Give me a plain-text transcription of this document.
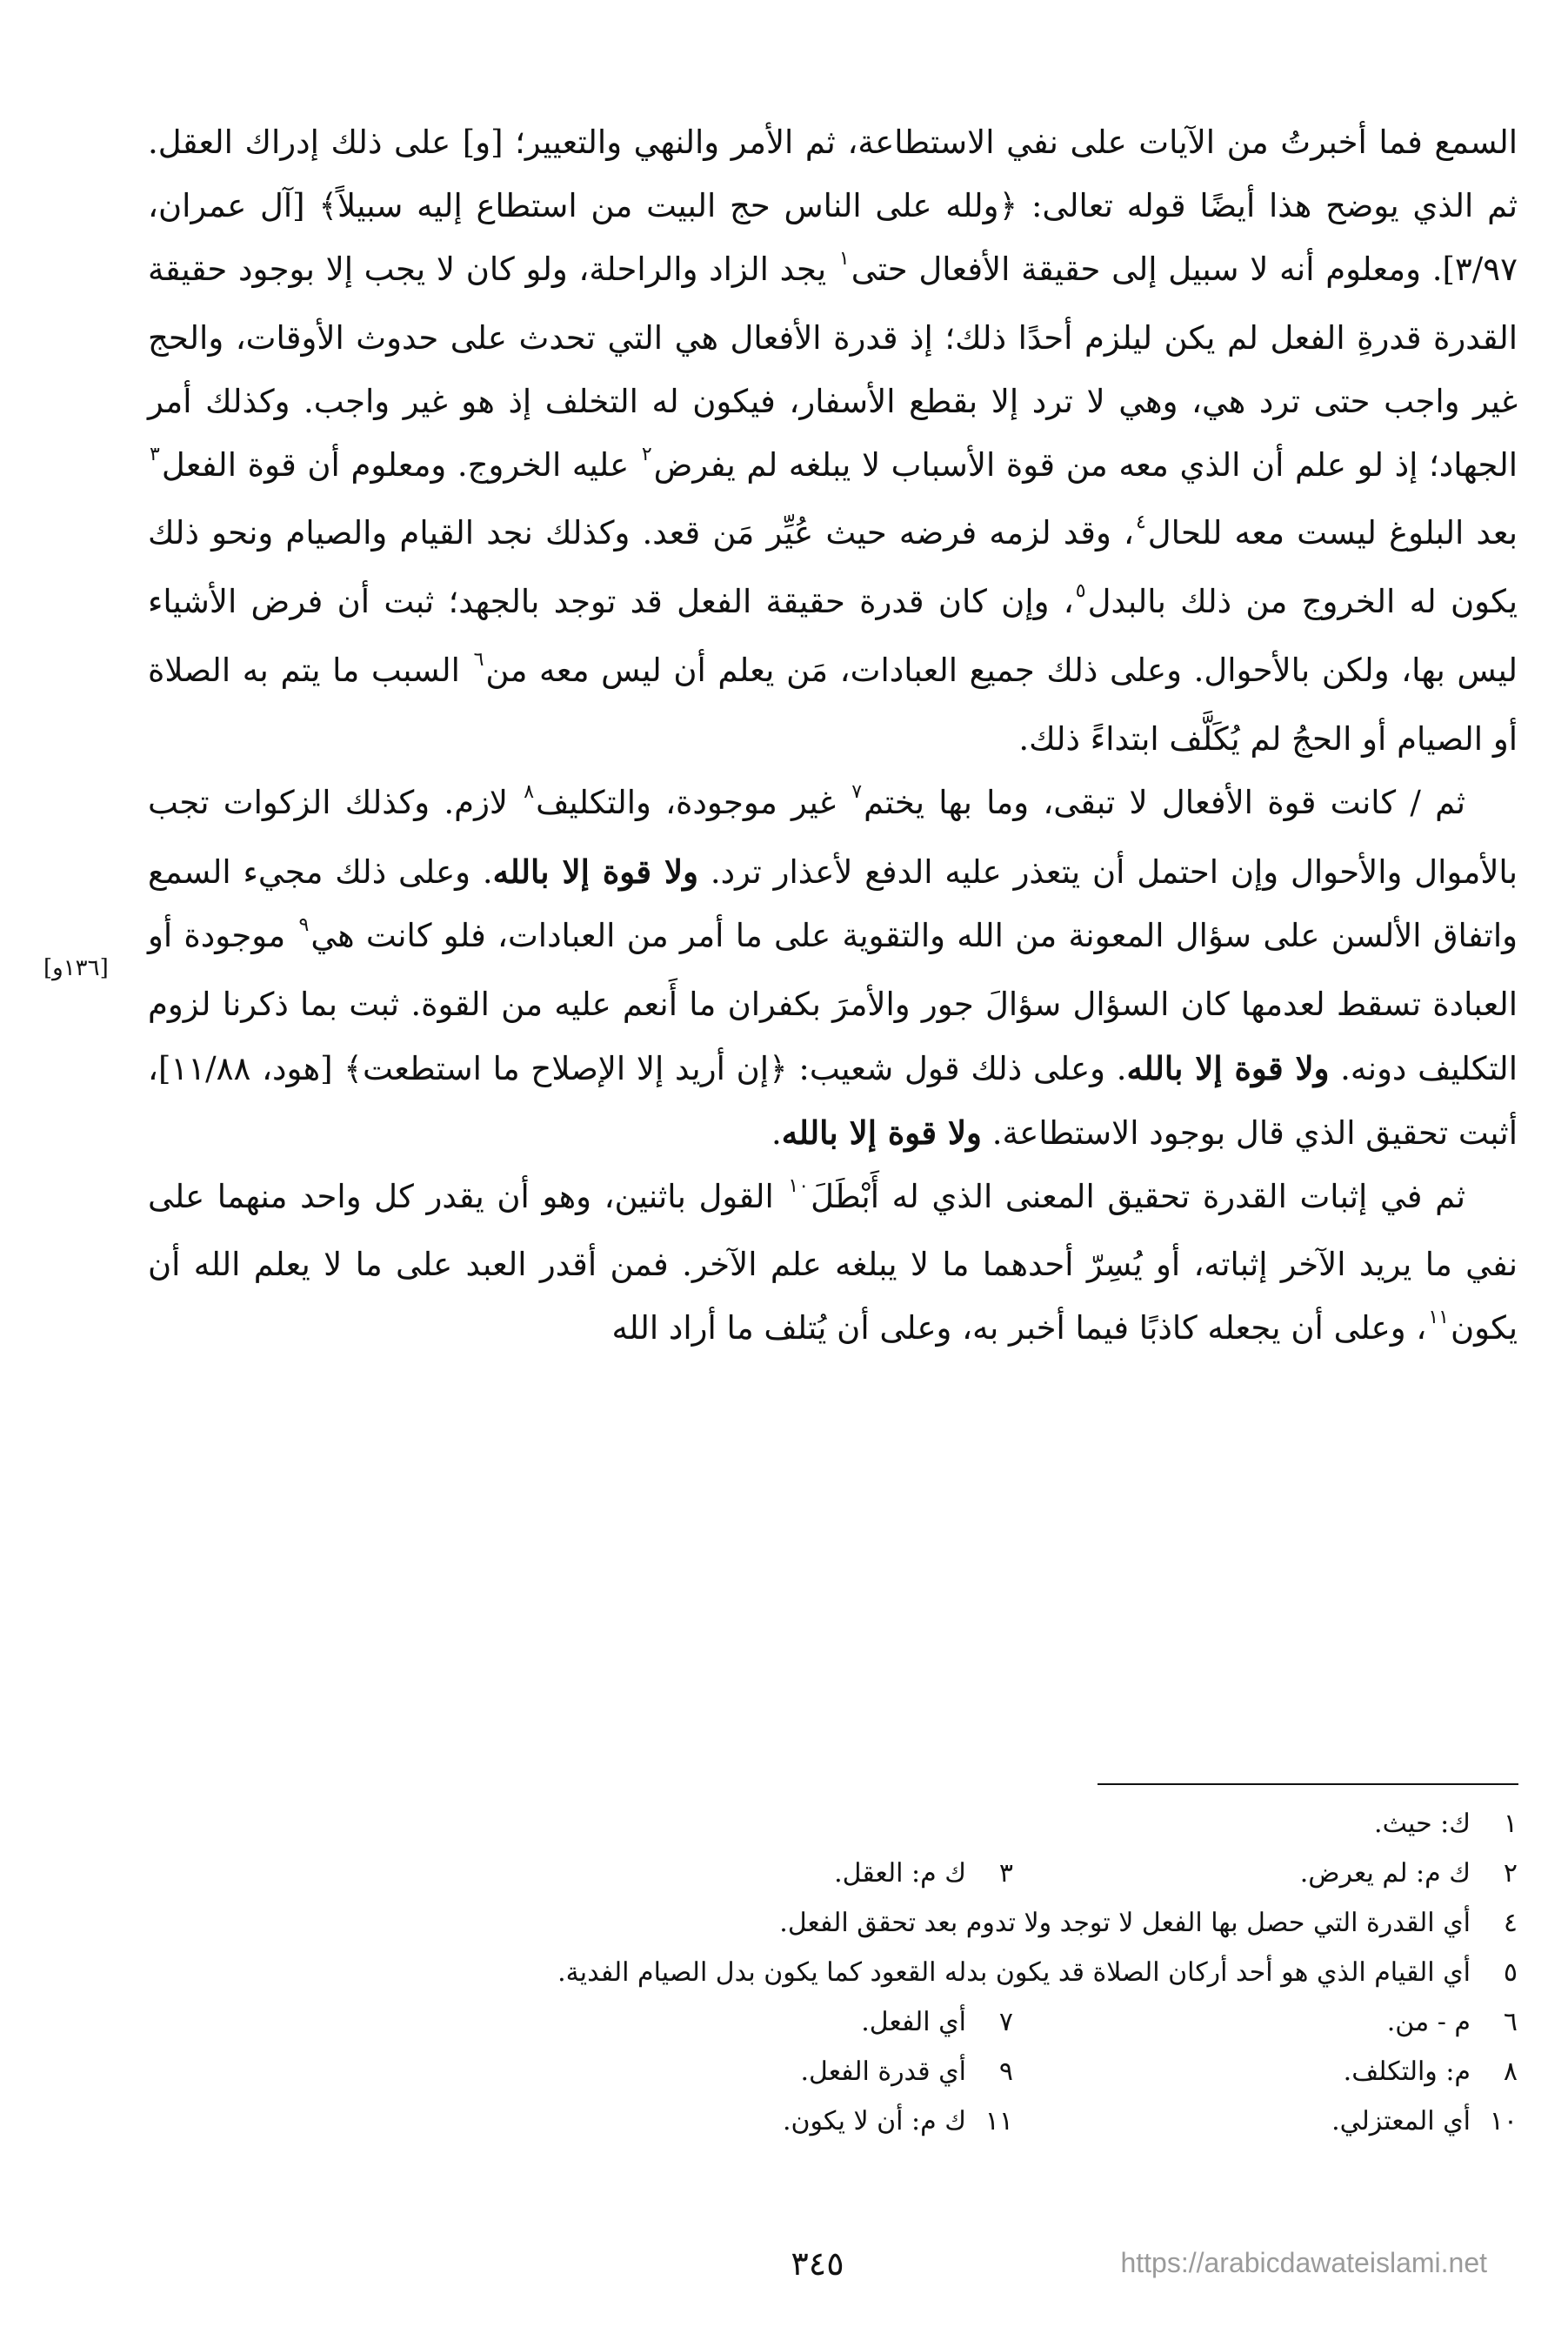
السمع فما أخبرتُ من الآيات على نفي الاستطاعة، ثم الأمر والنهي والتعيير؛ [و] على ذلك إدراك العقل. ثم الذي يوضح هذا أيضًا قوله تعالى: ﴿ولله على الناس حج البيت من استطاع إليه سبيلاً﴾ [آل عمران، ٣/٩٧]. ومعلوم أنه لا سبيل إلى حقيقة الأفعال حتى$^١$ يجد الزاد والراحلة، ولو كان لا يجب إلا بوجود حقيقة القدرة قدرةِ الفعل لم يكن ليلزم أحدًا ذلك؛ إذ قدرة الأفعال هي التي تحدث على حدوث الأوقات، والحج غير واجب حتى ترد هي، وهي لا ترد إلا بقطع الأسفار، فيكون له التخلف إذ هو غير واجب. وكذلك أمر الجهاد؛ إذ لو علم أن الذي معه من قوة الأسباب لا يبلغه لم يفرض$^٢$ عليه الخروج. ومعلوم أن قوة الفعل$^٣$ بعد البلوغ ليست معه للحال$^٤$، وقد لزمه فرضه حيث عُيِّر مَن قعد. وكذلك نجد القيام والصيام ونحو ذلك يكون له الخروج من ذلك بالبدل$^٥$، وإن كان قدرة حقيقة الفعل قد توجد بالجهد؛ ثبت أن فرض الأشياء ليس بها، ولكن بالأحوال. وعلى ذلك جميع العبادات، مَن يعلم أن ليس معه من$^٦$ السبب ما يتم به الصلاة أو الصيام أو الحجُ لم يُكَلَّف ابتداءً ذلك.

ثم / كانت قوة الأفعال لا تبقى، وما بها يختم$^٧$ غير موجودة، والتكليف$^٨$ لازم. وكذلك الزكوات تجب بالأموال والأحوال وإن احتمل أن يتعذر عليه الدفع لأعذار ترد. ولا قوة إلا بالله. وعلى ذلك مجيء السمع واتفاق الألسن على سؤال المعونة من الله والتقوية على ما أمر من العبادات، فلو كانت هي$^٩$ موجودة أو العبادة تسقط لعدمها كان السؤال سؤالَ جور والأمرَ بكفران ما أَنعم عليه من القوة. ثبت بما ذكرنا لزوم التكليف دونه. ولا قوة إلا بالله. وعلى ذلك قول شعيب: ﴿إن أريد إلا الإصلاح ما استطعت﴾ [هود، ١١/٨٨]، أثبت تحقيق الذي قال بوجود الاستطاعة. ولا قوة إلا بالله.

ثم في إثبات القدرة تحقيق المعنى الذي له أَبْطَلَ$^{١٠}$ القول باثنين، وهو أن يقدر كل واحد منهما على نفي ما يريد الآخر إثباته، أو يُسِرّ أحدهما ما لا يبلغه علم الآخر. فمن أقدر العبد على ما لا يعلم الله أن يكون$^{١١}$، وعلى أن يجعله كاذبًا فيما أخبر به، وعلى أن يُتلف ما أراد الله

[١٣٦و]
١ك: حيث.
٢ك م: لم يعرض.
٣ك م: العقل.
٤أي القدرة التي حصل بها الفعل لا توجد ولا تدوم بعد تحقق الفعل.
٥أي القيام الذي هو أحد أركان الصلاة قد يكون بدله القعود كما يكون بدل الصيام الفدية.
٦م - من.
٧أي الفعل.
٨م: والتكلف.
٩أي قدرة الفعل.
١٠أي المعتزلي.
١١ك م: أن لا يكون.
٣٤٥	https://arabicdawateislami.net
